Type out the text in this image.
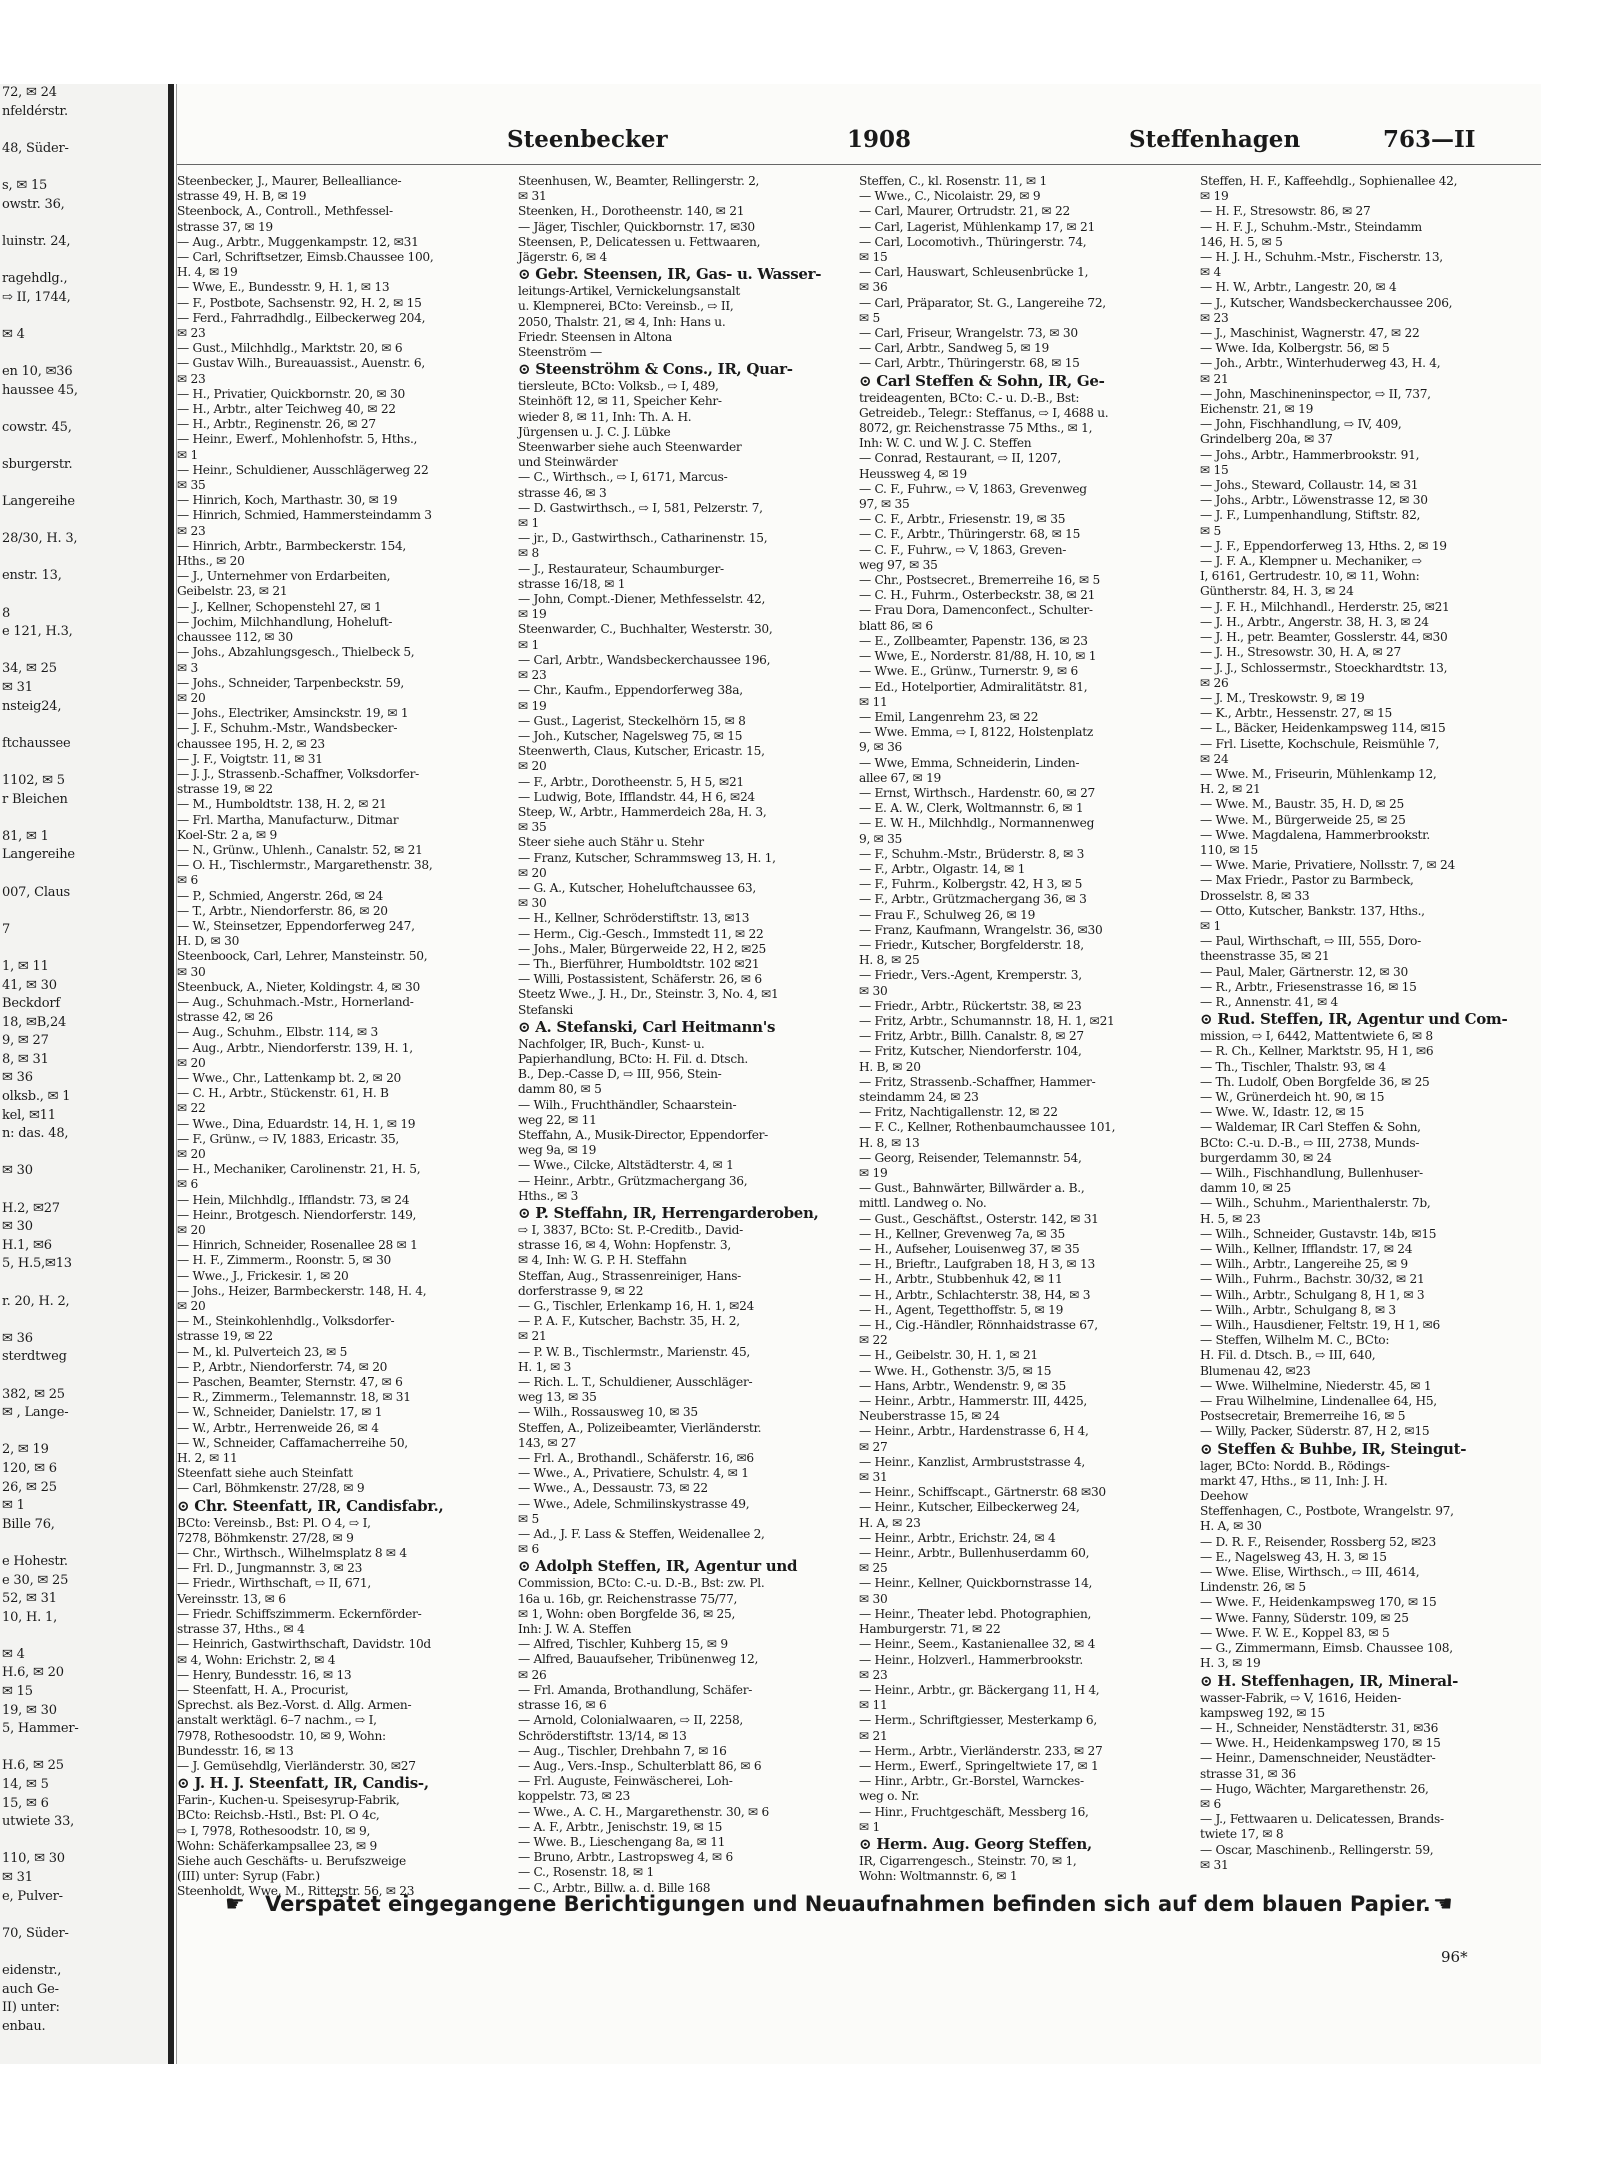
72, ✉ 24
nfeldérstr.

48, Süder-

s, ✉ 15
owstr. 36,

luinstr. 24,

ragehdlg.,
⇨ II, 1744,

✉ 4

en 10, ✉36
haussee 45,

cowstr. 45,

sburgerstr.

Langereihe

28/30, H. 3,

enstr. 13,

8
e 121, H.3,

34, ✉ 25
✉ 31
nsteig24,

ftchaussee

1102, ✉ 5
r Bleichen

81, ✉ 1
Langereihe

007, Claus

7

1, ✉ 11
41, ✉ 30
Beckdorf
18, ✉B,24
9, ✉ 27
8, ✉ 31
✉ 36
olksb., ✉ 1
kel, ✉11
n: das. 48,

✉ 30

H.2, ✉27
✉ 30
H.1, ✉6
5, H.5,✉13

r. 20, H. 2,

✉ 36
sterdtweg

382, ✉ 25
✉ , Lange-

2, ✉ 19
120, ✉ 6
26, ✉ 25
✉ 1
Bille 76,

e Hohestr.
e 30, ✉ 25
52, ✉ 31
10, H. 1,

✉ 4
H.6, ✉ 20
✉ 15
19, ✉ 30
5, Hammer-

H.6, ✉ 25
14, ✉ 5
15, ✉ 6
utwiete 33,

110, ✉ 30
✉ 31
e, Pulver-

70, Süder-

eidenstr.,
auch Ge-
II) unter:
enbau.
Steenbecker	1908	Steffenhagen	763—II
Steenbecker, J., Maurer, Bellealliance-
strasse 49, H. B, ✉ 19
Steenbock, A., Controll., Methfessel-
strasse 37, ✉ 19
— Aug., Arbtr., Muggenkampstr. 12, ✉31
— Carl, Schriftsetzer, Eimsb.Chaussee 100,
H. 4, ✉ 19
— Wwe, E., Bundesstr. 9, H. 1, ✉ 13
— F., Postbote, Sachsenstr. 92, H. 2, ✉ 15
— Ferd., Fahrradhdlg., Eilbeckerweg 204,
✉ 23
— Gust., Milchhdlg., Marktstr. 20, ✉ 6
— Gustav Wilh., Bureauassist., Auenstr. 6,
✉ 23
— H., Privatier, Quickbornstr. 20, ✉ 30
— H., Arbtr., alter Teichweg 40, ✉ 22
— H., Arbtr., Reginenstr. 26, ✉ 27
— Heinr., Ewerf., Mohlenhofstr. 5, Hths.,
✉ 1
— Heinr., Schuldiener, Ausschlägerweg 22
✉ 35
— Hinrich, Koch, Marthastr. 30, ✉ 19
— Hinrich, Schmied, Hammersteindamm 3
✉ 23
— Hinrich, Arbtr., Barmbeckerstr. 154,
Hths., ✉ 20
— J., Unternehmer von Erdarbeiten,
Geibelstr. 23, ✉ 21
— J., Kellner, Schopenstehl 27, ✉ 1
— Jochim, Milchhandlung, Hoheluft-
chaussee 112, ✉ 30
— Johs., Abzahlungsgesch., Thielbeck 5,
✉ 3
— Johs., Schneider, Tarpenbeckstr. 59,
✉ 20
— Johs., Electriker, Amsinckstr. 19, ✉ 1
— J. F., Schuhm.-Mstr., Wandsbecker-
chaussee 195, H. 2, ✉ 23
— J. F., Voigtstr. 11, ✉ 31
— J. J., Strassenb.-Schaffner, Volksdorfer-
strasse 19, ✉ 22
— M., Humboldtstr. 138, H. 2, ✉ 21
— Frl. Martha, Manufacturw., Ditmar
Koel-Str. 2 a, ✉ 9
— N., Grünw., Uhlenh., Canalstr. 52, ✉ 21
— O. H., Tischlermstr., Margarethenstr. 38,
✉ 6
— P., Schmied, Angerstr. 26d, ✉ 24
— T., Arbtr., Niendorferstr. 86, ✉ 20
— W., Steinsetzer, Eppendorferweg 247,
H. D, ✉ 30
Steenboock, Carl, Lehrer, Mansteinstr. 50,
✉ 30
Steenbuck, A., Nieter, Koldingstr. 4, ✉ 30
— Aug., Schuhmach.-Mstr., Hornerland-
strasse 42, ✉ 26
— Aug., Schuhm., Elbstr. 114, ✉ 3
— Aug., Arbtr., Niendorferstr. 139, H. 1,
✉ 20
— Wwe., Chr., Lattenkamp bt. 2, ✉ 20
— C. H., Arbtr., Stückenstr. 61, H. B
✉ 22
— Wwe., Dina, Eduardstr. 14, H. 1, ✉ 19
— F., Grünw., ⇨ IV, 1883, Ericastr. 35,
✉ 20
— H., Mechaniker, Carolinenstr. 21, H. 5,
✉ 6
— Hein, Milchhdlg., Ifflandstr. 73, ✉ 24
— Heinr., Brotgesch. Niendorferstr. 149,
✉ 20
— Hinrich, Schneider, Rosenallee 28 ✉ 1
— H. F., Zimmerm., Roonstr. 5, ✉ 30
— Wwe., J., Frickesir. 1, ✉ 20
— Johs., Heizer, Barmbeckerstr. 148, H. 4,
✉ 20
— M., Steinkohlenhdlg., Volksdorfer-
strasse 19, ✉ 22
— M., kl. Pulverteich 23, ✉ 5
— P., Arbtr., Niendorferstr. 74, ✉ 20
— Paschen, Beamter, Sternstr. 47, ✉ 6
— R., Zimmerm., Telemannstr. 18, ✉ 31
— W., Schneider, Danielstr. 17, ✉ 1
— W., Arbtr., Herrenweide 26, ✉ 4
— W., Schneider, Caffamacherreihe 50,
H. 2, ✉ 11
Steenfatt siehe auch Steinfatt
— Carl, Böhmkenstr. 27/28, ✉ 9
⊙ Chr. Steenfatt, IR, Candisfabr.,
BCto: Vereinsb., Bst: Pl. O 4, ⇨ I,
7278, Böhmkenstr. 27/28, ✉ 9
— Chr., Wirthsch., Wilhelmsplatz 8 ✉ 4
— Frl. D., Jungmannstr. 3, ✉ 23
— Friedr., Wirthschaft, ⇨ II, 671,
Vereinsstr. 13, ✉ 6
— Friedr. Schiffszimmerm. Eckernförder-
strasse 37, Hths., ✉ 4
— Heinrich, Gastwirthschaft, Davidstr. 10d
✉ 4, Wohn: Erichstr. 2, ✉ 4
— Henry, Bundesstr. 16, ✉ 13
— Steenfatt, H. A., Procurist,
Sprechst. als Bez.-Vorst. d. Allg. Armen-
anstalt werktägl. 6–7 nachm., ⇨ I,
7978, Rothesoodstr. 10, ✉ 9, Wohn:
Bundesstr. 16, ✉ 13
— J. Gemüsehdlg, Vierländerstr. 30, ✉27
⊙ J. H. J. Steenfatt, IR, Candis-,
Farin-, Kuchen-u. Speisesyrup-Fabrik,
BCto: Reichsb.-Hstl., Bst: Pl. O 4c,
⇨ I, 7978, Rothesoodstr. 10, ✉ 9,
Wohn: Schäferkampsallee 23, ✉ 9
Siehe auch Geschäfts- u. Berufszweige
(III) unter: Syrup (Fabr.)
Steenholdt, Wwe, M., Ritterstr. 56, ✉ 23
Steenhusen, W., Beamter, Rellingerstr. 2,
✉ 31
Steenken, H., Dorotheenstr. 140, ✉ 21
— Jäger, Tischler, Quickbornstr. 17, ✉30
Steensen, P., Delicatessen u. Fettwaaren,
Jägerstr. 6, ✉ 4
⊙ Gebr. Steensen, IR, Gas- u. Wasser-
leitungs-Artikel, Vernickelungsanstalt
u. Klempnerei, BCto: Vereinsb., ⇨ II,
2050, Thalstr. 21, ✉ 4, Inh: Hans u.
Friedr. Steensen in Altona
Steenström —
⊙ Steenströhm & Cons., IR, Quar-
tiersleute, BCto: Volksb., ⇨ I, 489,
Steinhöft 12, ✉ 11, Speicher Kehr-
wieder 8, ✉ 11, Inh: Th. A. H.
Jürgensen u. J. C. J. Lübke
Steenwarber siehe auch Steenwarder
und Steinwärder
— C., Wirthsch., ⇨ I, 6171, Marcus-
strasse 46, ✉ 3
— D. Gastwirthsch., ⇨ I, 581, Pelzerstr. 7,
✉ 1
— jr., D., Gastwirthsch., Catharinenstr. 15,
✉ 8
— J., Restaurateur, Schaumburger-
strasse 16/18, ✉ 1
— John, Compt.-Diener, Methfesselstr. 42,
✉ 19
Steenwarder, C., Buchhalter, Westerstr. 30,
✉ 1
— Carl, Arbtr., Wandsbeckerchaussee 196,
✉ 23
— Chr., Kaufm., Eppendorferweg 38a,
✉ 19
— Gust., Lagerist, Steckelhörn 15, ✉ 8
— Joh., Kutscher, Nagelsweg 75, ✉ 15
Steenwerth, Claus, Kutscher, Ericastr. 15,
✉ 20
— F., Arbtr., Dorotheenstr. 5, H 5, ✉21
— Ludwig, Bote, Ifflandstr. 44, H 6, ✉24
Steep, W., Arbtr., Hammerdeich 28a, H. 3,
✉ 35
Steer siehe auch Stähr u. Stehr
— Franz, Kutscher, Schrammsweg 13, H. 1,
✉ 20
— G. A., Kutscher, Hoheluftchaussee 63,
✉ 30
— H., Kellner, Schröderstiftstr. 13, ✉13
— Herm., Cig.-Gesch., Immstedt 11, ✉ 22
— Johs., Maler, Bürgerweide 22, H 2, ✉25
— Th., Bierführer, Humboldtstr. 102 ✉21
— Willi, Postassistent, Schäferstr. 26, ✉ 6
Steetz Wwe., J. H., Dr., Steinstr. 3, No. 4, ✉1
Stefanski
⊙ A. Stefanski, Carl Heitmann's
Nachfolger, IR, Buch-, Kunst- u.
Papierhandlung, BCto: H. Fil. d. Dtsch.
B., Dep.-Casse D, ⇨ III, 956, Stein-
damm 80, ✉ 5
— Wilh., Fruchthändler, Schaarstein-
weg 22, ✉ 11
Steffahn, A., Musik-Director, Eppendorfer-
weg 9a, ✉ 19
— Wwe., Cilcke, Altstädterstr. 4, ✉ 1
— Heinr., Arbtr., Grützmachergang 36,
Hths., ✉ 3
⊙ P. Steffahn, IR, Herrengarderoben,
⇨ I, 3837, BCto: St. P.-Creditb., David-
strasse 16, ✉ 4, Wohn: Hopfenstr. 3,
✉ 4, Inh: W. G. P. H. Steffahn
Steffan, Aug., Strassenreiniger, Hans-
dorferstrasse 9, ✉ 22
— G., Tischler, Erlenkamp 16, H. 1, ✉24
— P. A. F., Kutscher, Bachstr. 35, H. 2,
✉ 21
— P. W. B., Tischlermstr., Marienstr. 45,
H. 1, ✉ 3
— Rich. L. T., Schuldiener, Ausschläger-
weg 13, ✉ 35
— Wilh., Rossausweg 10, ✉ 35
Steffen, A., Polizeibeamter, Vierländerstr.
143, ✉ 27
— Frl. A., Brothandl., Schäferstr. 16, ✉6
— Wwe., A., Privatiere, Schulstr. 4, ✉ 1
— Wwe., A., Dessaustr. 73, ✉ 22
— Wwe., Adele, Schmilinskystrasse 49,
✉ 5
— Ad., J. F. Lass & Steffen, Weidenallee 2,
✉ 6
⊙ Adolph Steffen, IR, Agentur und
Commission, BCto: C.-u. D.-B., Bst: zw. Pl.
16a u. 16b, gr. Reichenstrasse 75/77,
✉ 1, Wohn: oben Borgfelde 36, ✉ 25,
Inh: J. W. A. Steffen
— Alfred, Tischler, Kuhberg 15, ✉ 9
— Alfred, Bauaufseher, Tribünenweg 12,
✉ 26
— Frl. Amanda, Brothandlung, Schäfer-
strasse 16, ✉ 6
— Arnold, Colonialwaaren, ⇨ II, 2258,
Schröderstiftstr. 13/14, ✉ 13
— Aug., Tischler, Drehbahn 7, ✉ 16
— Aug., Vers.-Insp., Schulterblatt 86, ✉ 6
— Frl. Auguste, Feinwäscherei, Loh-
koppelstr. 73, ✉ 23
— Wwe., A. C. H., Margarethenstr. 30, ✉ 6
— A. F., Arbtr., Jenischstr. 19, ✉ 15
— Wwe. B., Lieschengang 8a, ✉ 11
— Bruno, Arbtr., Lastropsweg 4, ✉ 6
— C., Rosenstr. 18, ✉ 1
— C., Arbtr., Billw. a. d. Bille 168
Steffen, C., kl. Rosenstr. 11, ✉ 1
— Wwe., C., Nicolaistr. 29, ✉ 9
— Carl, Maurer, Ortrudstr. 21, ✉ 22
— Carl, Lagerist, Mühlenkamp 17, ✉ 21
— Carl, Locomotivh., Thüringerstr. 74,
✉ 15
— Carl, Hauswart, Schleusenbrücke 1,
✉ 36
— Carl, Präparator, St. G., Langereihe 72,
✉ 5
— Carl, Friseur, Wrangelstr. 73, ✉ 30
— Carl, Arbtr., Sandweg 5, ✉ 19
— Carl, Arbtr., Thüringerstr. 68, ✉ 15
⊙ Carl Steffen & Sohn, IR, Ge-
treideagenten, BCto: C.- u. D.-B., Bst:
Getreideb., Telegr.: Steffanus, ⇨ I, 4688 u.
8072, gr. Reichenstrasse 75 Mths., ✉ 1,
Inh: W. C. und W. J. C. Steffen
— Conrad, Restaurant, ⇨ II, 1207,
Heussweg 4, ✉ 19
— C. F., Fuhrw., ⇨ V, 1863, Grevenweg
97, ✉ 35
— C. F., Arbtr., Friesenstr. 19, ✉ 35
— C. F., Arbtr., Thüringerstr. 68, ✉ 15
— C. F., Fuhrw., ⇨ V, 1863, Greven-
weg 97, ✉ 35
— Chr., Postsecret., Bremerreihe 16, ✉ 5
— C. H., Fuhrm., Osterbeckstr. 38, ✉ 21
— Frau Dora, Damenconfect., Schulter-
blatt 86, ✉ 6
— E., Zollbeamter, Papenstr. 136, ✉ 23
— Wwe, E., Norderstr. 81/88, H. 10, ✉ 1
— Wwe. E., Grünw., Turnerstr. 9, ✉ 6
— Ed., Hotelportier, Admiralitätstr. 81,
✉ 11
— Emil, Langenrehm 23, ✉ 22
— Wwe. Emma, ⇨ I, 8122, Holstenplatz
9, ✉ 36
— Wwe, Emma, Schneiderin, Linden-
allee 67, ✉ 19
— Ernst, Wirthsch., Hardenstr. 60, ✉ 27
— E. A. W., Clerk, Woltmannstr. 6, ✉ 1
— E. W. H., Milchhdlg., Normannenweg
9, ✉ 35
— F., Schuhm.-Mstr., Brüderstr. 8, ✉ 3
— F., Arbtr., Olgastr. 14, ✉ 1
— F., Fuhrm., Kolbergstr. 42, H 3, ✉ 5
— F., Arbtr., Grützmachergang 36, ✉ 3
— Frau F., Schulweg 26, ✉ 19
— Franz, Kaufmann, Wrangelstr. 36, ✉30
— Friedr., Kutscher, Borgfelderstr. 18,
H. 8, ✉ 25
— Friedr., Vers.-Agent, Kremperstr. 3,
✉ 30
— Friedr., Arbtr., Rückertstr. 38, ✉ 23
— Fritz, Arbtr., Schumannstr. 18, H. 1, ✉21
— Fritz, Arbtr., Billh. Canalstr. 8, ✉ 27
— Fritz, Kutscher, Niendorferstr. 104,
H. B, ✉ 20
— Fritz, Strassenb.-Schaffner, Hammer-
steindamm 24, ✉ 23
— Fritz, Nachtigallenstr. 12, ✉ 22
— F. C., Kellner, Rothenbaumchaussee 101,
H. 8, ✉ 13
— Georg, Reisender, Telemannstr. 54,
✉ 19
— Gust., Bahnwärter, Billwärder a. B.,
mittl. Landweg o. No.
— Gust., Geschäftst., Osterstr. 142, ✉ 31
— H., Kellner, Grevenweg 7a, ✉ 35
— H., Aufseher, Louisenweg 37, ✉ 35
— H., Brieftr., Laufgraben 18, H 3, ✉ 13
— H., Arbtr., Stubbenhuk 42, ✉ 11
— H., Arbtr., Schlachterstr. 38, H4, ✉ 3
— H., Agent, Tegetthoffstr. 5, ✉ 19
— H., Cig.-Händler, Rönnhaidstrasse 67,
✉ 22
— H., Geibelstr. 30, H. 1, ✉ 21
— Wwe. H., Gothenstr. 3/5, ✉ 15
— Hans, Arbtr., Wendenstr. 9, ✉ 35
— Heinr., Arbtr., Hammerstr. III, 4425,
Neuberstrasse 15, ✉ 24
— Heinr., Arbtr., Hardenstrasse 6, H 4,
✉ 27
— Heinr., Kanzlist, Armbruststrasse 4,
✉ 31
— Heinr., Schiffscapt., Gärtnerstr. 68 ✉30
— Heinr., Kutscher, Eilbeckerweg 24,
H. A, ✉ 23
— Heinr., Arbtr., Erichstr. 24, ✉ 4
— Heinr., Arbtr., Bullenhuserdamm 60,
✉ 25
— Heinr., Kellner, Quickbornstrasse 14,
✉ 30
— Heinr., Theater lebd. Photographien,
Hamburgerstr. 71, ✉ 22
— Heinr., Seem., Kastanienallee 32, ✉ 4
— Heinr., Holzverl., Hammerbrookstr.
✉ 23
— Heinr., Arbtr., gr. Bäckergang 11, H 4,
✉ 11
— Herm., Schriftgiesser, Mesterkamp 6,
✉ 21
— Herm., Arbtr., Vierländerstr. 233, ✉ 27
— Herm., Ewerf., Springeltwiete 17, ✉ 1
— Hinr., Arbtr., Gr.-Borstel, Warnckes-
weg o. Nr.
— Hinr., Fruchtgeschäft, Messberg 16,
✉ 1
⊙ Herm. Aug. Georg Steffen,
IR, Cigarrengesch., Steinstr. 70, ✉ 1,
Wohn: Woltmannstr. 6, ✉ 1
Steffen, H. F., Kaffeehdlg., Sophienallee 42,
✉ 19
— H. F., Stresowstr. 86, ✉ 27
— H. F. J., Schuhm.-Mstr., Steindamm
146, H. 5, ✉ 5
— H. J. H., Schuhm.-Mstr., Fischerstr. 13,
✉ 4
— H. W., Arbtr., Langestr. 20, ✉ 4
— J., Kutscher, Wandsbeckerchaussee 206,
✉ 23
— J., Maschinist, Wagnerstr. 47, ✉ 22
— Wwe. Ida, Kolbergstr. 56, ✉ 5
— Joh., Arbtr., Winterhuderweg 43, H. 4,
✉ 21
— John, Maschineninspector, ⇨ II, 737,
Eichenstr. 21, ✉ 19
— John, Fischhandlung, ⇨ IV, 409,
Grindelberg 20a, ✉ 37
— Johs., Arbtr., Hammerbrookstr. 91,
✉ 15
— Johs., Steward, Collaustr. 14, ✉ 31
— Johs., Arbtr., Löwenstrasse 12, ✉ 30
— J. F., Lumpenhandlung, Stiftstr. 82,
✉ 5
— J. F., Eppendorferweg 13, Hths. 2, ✉ 19
— J. F. A., Klempner u. Mechaniker, ⇨
I, 6161, Gertrudestr. 10, ✉ 11, Wohn:
Güntherstr. 84, H. 3, ✉ 24
— J. F. H., Milchhandl., Herderstr. 25, ✉21
— J. H., Arbtr., Angerstr. 38, H. 3, ✉ 24
— J. H., petr. Beamter, Gosslerstr. 44, ✉30
— J. H., Stresowstr. 30, H. A, ✉ 27
— J. J., Schlossermstr., Stoeckhardtstr. 13,
✉ 26
— J. M., Treskowstr. 9, ✉ 19
— K., Arbtr., Hessenstr. 27, ✉ 15
— L., Bäcker, Heidenkampsweg 114, ✉15
— Frl. Lisette, Kochschule, Reismühle 7,
✉ 24
— Wwe. M., Friseurin, Mühlenkamp 12,
H. 2, ✉ 21
— Wwe. M., Baustr. 35, H. D, ✉ 25
— Wwe. M., Bürgerweide 25, ✉ 25
— Wwe. Magdalena, Hammerbrookstr.
110, ✉ 15
— Wwe. Marie, Privatiere, Nollsstr. 7, ✉ 24
— Max Friedr., Pastor zu Barmbeck,
Drosselstr. 8, ✉ 33
— Otto, Kutscher, Bankstr. 137, Hths.,
✉ 1
— Paul, Wirthschaft, ⇨ III, 555, Doro-
theenstrasse 35, ✉ 21
— Paul, Maler, Gärtnerstr. 12, ✉ 30
— R., Arbtr., Friesenstrasse 16, ✉ 15
— R., Annenstr. 41, ✉ 4
⊙ Rud. Steffen, IR, Agentur und Com-
mission, ⇨ I, 6442, Mattentwiete 6, ✉ 8
— R. Ch., Kellner, Marktstr. 95, H 1, ✉6
— Th., Tischler, Thalstr. 93, ✉ 4
— Th. Ludolf, Oben Borgfelde 36, ✉ 25
— W., Grünerdeich ht. 90, ✉ 15
— Wwe. W., Idastr. 12, ✉ 15
— Waldemar, IR Carl Steffen & Sohn,
BCto: C.-u. D.-B., ⇨ III, 2738, Munds-
burgerdamm 30, ✉ 24
— Wilh., Fischhandlung, Bullenhuser-
damm 10, ✉ 25
— Wilh., Schuhm., Marienthalerstr. 7b,
H. 5, ✉ 23
— Wilh., Schneider, Gustavstr. 14b, ✉15
— Wilh., Kellner, Ifflandstr. 17, ✉ 24
— Wilh., Arbtr., Langereihe 25, ✉ 9
— Wilh., Fuhrm., Bachstr. 30/32, ✉ 21
— Wilh., Arbtr., Schulgang 8, H 1, ✉ 3
— Wilh., Arbtr., Schulgang 8, ✉ 3
— Wilh., Hausdiener, Feltstr. 19, H 1, ✉6
— Steffen, Wilhelm M. C., BCto:
H. Fil. d. Dtsch. B., ⇨ III, 640,
Blumenau 42, ✉23
— Wwe. Wilhelmine, Niederstr. 45, ✉ 1
— Frau Wilhelmine, Lindenallee 64, H5,
Postsecretair, Bremerreihe 16, ✉ 5
— Willy, Packer, Süderstr. 87, H 2, ✉15
⊙ Steffen & Buhbe, IR, Steingut-
lager, BCto: Nordd. B., Rödings-
markt 47, Hths., ✉ 11, Inh: J. H.
Deehow
Steffenhagen, C., Postbote, Wrangelstr. 97,
H. A, ✉ 30
— D. R. F., Reisender, Rossberg 52, ✉23
— E., Nagelsweg 43, H. 3, ✉ 15
— Wwe. Elise, Wirthsch., ⇨ III, 4614,
Lindenstr. 26, ✉ 5
— Wwe. F., Heidenkampsweg 170, ✉ 15
— Wwe. Fanny, Süderstr. 109, ✉ 25
— Wwe. F. W. E., Koppel 83, ✉ 5
— G., Zimmermann, Eimsb. Chaussee 108,
H. 3, ✉ 19
⊙ H. Steffenhagen, IR, Mineral-
wasser-Fabrik, ⇨ V, 1616, Heiden-
kampsweg 192, ✉ 15
— H., Schneider, Nenstädterstr. 31, ✉36
— Wwe. H., Heidenkampsweg 170, ✉ 15
— Heinr., Damenschneider, Neustädter-
strasse 31, ✉ 36
— Hugo, Wächter, Margarethenstr. 26,
✉ 6
— J., Fettwaaren u. Delicatessen, Brands-
twiete 17, ✉ 8
— Oscar, Maschinenb., Rellingerstr. 59,
✉ 31
☛ Verspätet eingegangene Berichtigungen und Neuaufnahmen befinden sich auf dem blauen Papier. ☚
96*
